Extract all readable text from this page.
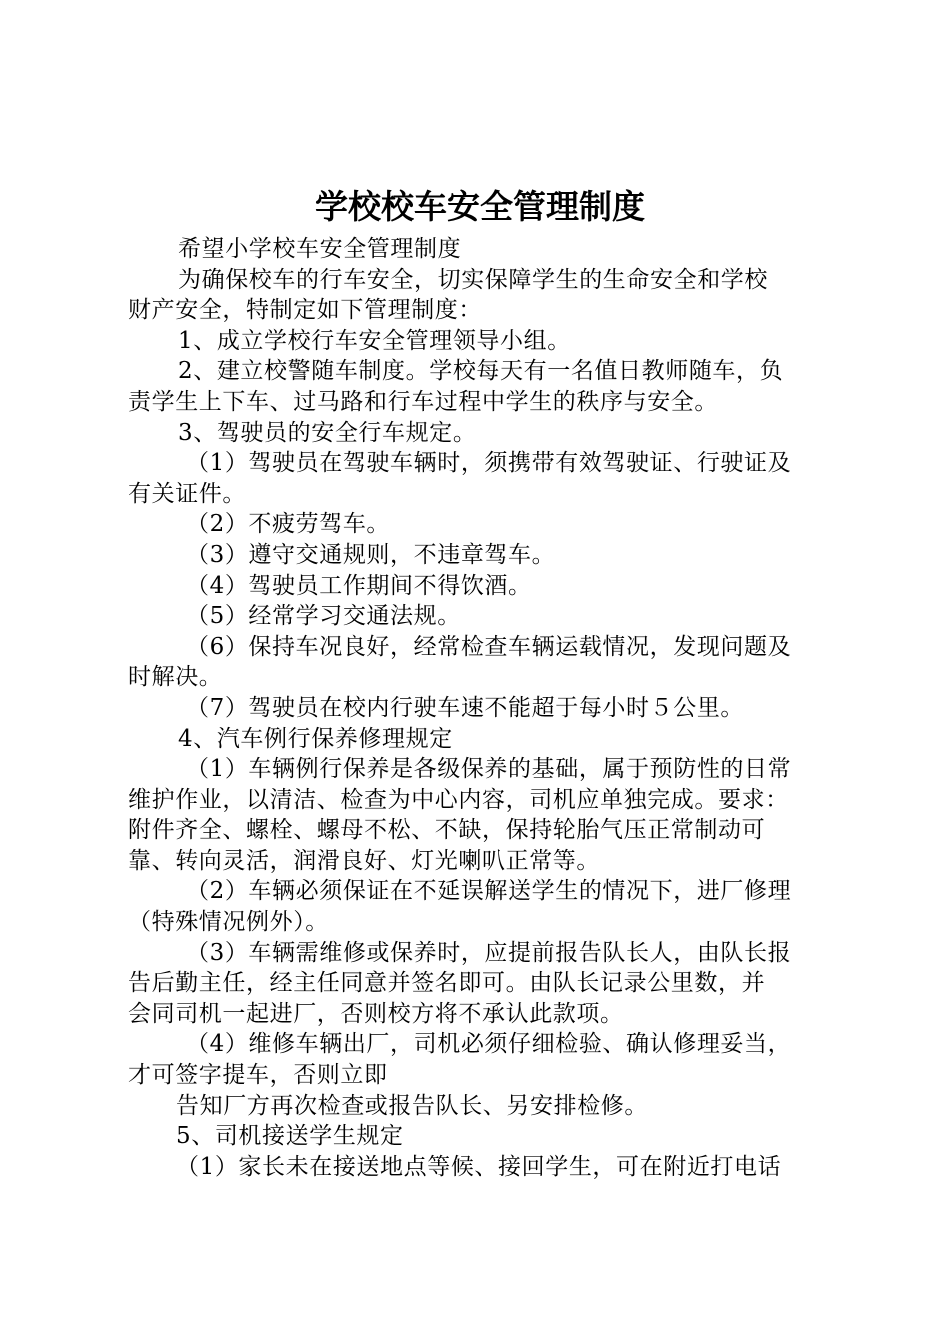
学校校车安全管理制度

希望小学校车安全管理制度

为确保校车的行车安全，切实保障学生的生命安全和学校

财产安全，特制定如下管理制度：

1、成立学校行车安全管理领导小组。

2、建立校警随车制度。学校每天有一名值日教师随车，负

责学生上下车、过马路和行车过程中学生的秩序与安全。

3、驾驶员的安全行车规定。

（1）驾驶员在驾驶车辆时，须携带有效驾驶证、行驶证及

有关证件。

（2）不疲劳驾车。

（3）遵守交通规则，不违章驾车。

（4）驾驶员工作期间不得饮酒。

（5）经常学习交通法规。

（6）保持车况良好，经常检查车辆运载情况，发现问题及

时解决。

（7）驾驶员在校内行驶车速不能超于每小时５公里。

4、汽车例行保养修理规定

（1）车辆例行保养是各级保养的基础，属于预防性的日常

维护作业，以清洁、检查为中心内容，司机应单独完成。要求：

附件齐全、螺栓、螺母不松、不缺，保持轮胎气压正常制动可

靠、转向灵活，润滑良好、灯光喇叭正常等。

（2）车辆必须保证在不延误解送学生的情况下，进厂修理

（特殊情况例外）。

（3）车辆需维修或保养时，应提前报告队长人，由队长报

告后勤主任，经主任同意并签名即可。由队长记录公里数，并

会同司机一起进厂，否则校方将不承认此款项。

（4）维修车辆出厂，司机必须仔细检验、确认修理妥当，

才可签字提车，否则立即

告知厂方再次检查或报告队长、另安排检修。

5、司机接送学生规定

（1）家长未在接送地点等候、接回学生，可在附近打电话
